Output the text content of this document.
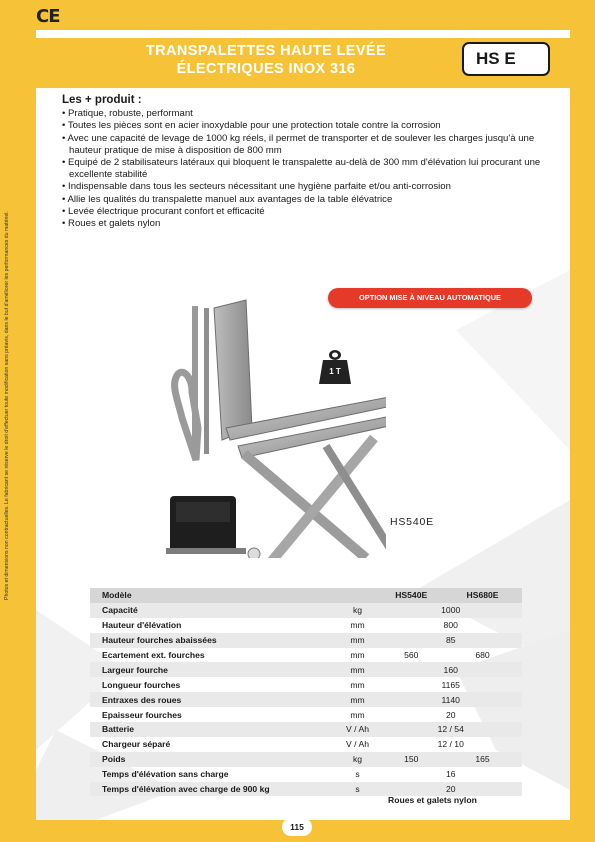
Photos et dimensions non contractuelles. Le fabricant se réserve le droit d'effectuer toute modification sans préavis, dans le but d'améliorer les performances du matériel.
CE
TRANSPALETTES HAUTE LEVÉE
ÉLECTRIQUES INOX 316
HS E
Les + produit :
• Pratique, robuste, performant
• Toutes les pièces sont en acier inoxydable pour une protection totale contre la corrosion
• Avec une capacité de levage de 1000 kg réels, il permet de transporter et de soulever les charges jusqu'à une hauteur pratique de mise à disposition de 800 mm
• Equipé de 2 stabilisateurs latéraux qui bloquent le transpalette au-delà de 300 mm d'élévation lui procurant une excellente stabilité
• Indispensable dans tous les secteurs nécessitant une hygiène parfaite et/ou anti-corrosion
• Allie les qualités du transpalette manuel aux avantages de la table élévatrice
• Levée électrique procurant confort et efficacité
• Roues et galets nylon
OPTION MISE À NIVEAU AUTOMATIQUE
1 T
HS540E
Modèle		HS540E	HS680E
Capacité	kg	1000	
Hauteur d'élévation	mm	800	
Hauteur fourches abaissées	mm	85	
Ecartement ext. fourches	mm	560	680
Largeur fourche	mm	160	
Longueur fourches	mm	1165	
Entraxes des roues	mm	1140	
Epaisseur fourches	mm	20	
Batterie	V / Ah	12 / 54	
Chargeur séparé	V / Ah	12 / 10	
Poids	kg	150	165
Temps d'élévation sans charge	s	16	
Temps d'élévation avec charge de 900 kg	s	20	
Roues et galets nylon
115
